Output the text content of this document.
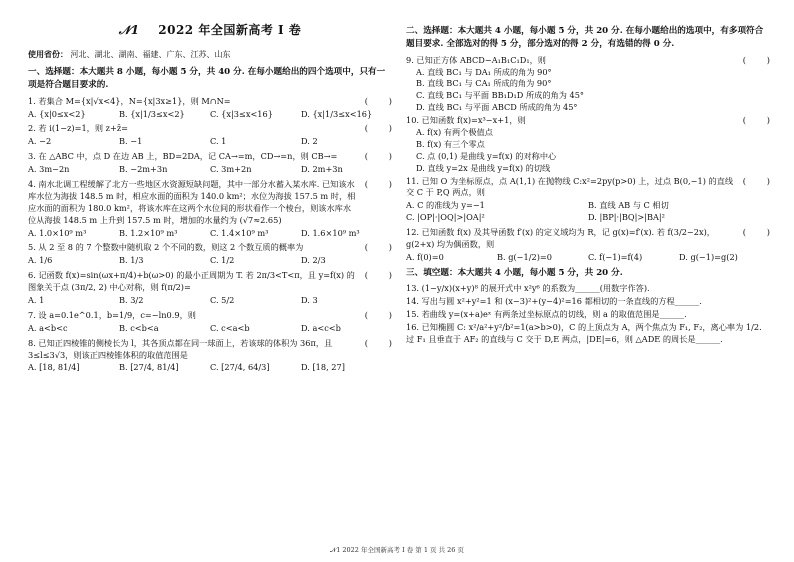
𝒩1 2022 年全国新高考 I 卷
使用省份： 河北、湖北、湖南、福建、广东、江苏、山东
一、选择题：本大题共 8 小题，每小题 5 分，共 40 分. 在每小题给出的四个选项中，只有一项是符合题目要求的.
1. 若集合 M={x|√x<4}，N={x|3x≥1}，则 M∩N=	(        )
A. {x|0≤x<2}	B. {x|1/3≤x<2}	C. {x|3≤x<16}	D. {x|1/3≤x<16}
2. 若 i(1−z)=1，则 z+z̄=	(        )
A. −2	B. −1	C. 1	D. 2
3. 在 △ABC 中，点 D 在边 AB 上，BD=2DA，记 CA→=m，CD→=n，则 CB→=	(        )
A. 3m−2n	B. −2m+3n	C. 3m+2n	D. 2m+3n
4. 南水北调工程缓解了北方一些地区水资源短缺问题，其中一部分水蓄入某水库. 已知该水库水位为海拔 148.5 m 时，相应水面的面积为 140.0 km²；水位为海拔 157.5 m 时，相应水面的面积为 180.0 km²，将该水库在这两个水位间的形状看作一个棱台，则该水库水位从海拔 148.5 m 上升到 157.5 m 时，增加的水量约为 (√7≈2.65)
(        )
A. 1.0×10⁹ m³	B. 1.2×10⁹ m³	C. 1.4×10⁹ m³	D. 1.6×10⁹ m³
5. 从 2 至 8 的 7 个整数中随机取 2 个不同的数，则这 2 个数互质的概率为	(        )
A. 1/6	B. 1/3	C. 1/2	D. 2/3
6. 记函数 f(x)=sin(ωx+π/4)+b(ω>0) 的最小正周期为 T. 若 2π/3<T<π，且 y=f(x) 的图象关于点 (3π/2, 2) 中心对称，则 f(π/2)=
(        )
A. 1	B. 3/2	C. 5/2	D. 3
7. 设 a=0.1e^0.1，b=1/9，c=−ln0.9，则	(        )
A. a<b<c	B. c<b<a	C. c<a<b	D. a<c<b
8. 已知正四棱锥的侧棱长为 l，其各顶点都在同一球面上，若该球的体积为 36π，且 3≤l≤3√3，则该正四棱锥体积的取值范围是
(        )
A. [18, 81/4]	B. [27/4, 81/4]	C. [27/4, 64/3]	D. [18, 27]
二、选择题：本大题共 4 小题，每小题 5 分，共 20 分. 在每小题给出的选项中，有多项符合题目要求. 全部选对的得 5 分，部分选对的得 2 分，有选错的得 0 分.
9. 已知正方体 ABCD−A₁B₁C₁D₁，则	(        )
A. 直线 BC₁ 与 DA₁ 所成的角为 90°
B. 直线 BC₁ 与 CA₁ 所成的角为 90°
C. 直线 BC₁ 与平面 BB₁D₁D 所成的角为 45°
D. 直线 BC₁ 与平面 ABCD 所成的角为 45°
10. 已知函数 f(x)=x³−x+1，则	(        )
A. f(x) 有两个极值点
B. f(x) 有三个零点
C. 点 (0,1) 是曲线 y=f(x) 的对称中心
D. 直线 y=2x 是曲线 y=f(x) 的切线
11. 已知 O 为坐标原点，点 A(1,1) 在抛物线 C:x²=2py(p>0) 上，过点 B(0,−1) 的直线交 C 于 P,Q 两点，则
(        )
A. C 的准线为 y=−1	B. 直线 AB 与 C 相切
C. |OP|·|OQ|>|OA|²	D. |BP|·|BQ|>|BA|²
12. 已知函数 f(x) 及其导函数 f′(x) 的定义域均为 R，记 g(x)=f′(x). 若 f(3/2−2x)，g(2+x) 均为偶函数，则
(        )
A. f(0)=0	B. g(−1/2)=0	C. f(−1)=f(4)	D. g(−1)=g(2)
三、填空题：本大题共 4 小题，每小题 5 分，共 20 分.
13. (1−y/x)(x+y)⁸ 的展开式中 x²y⁶ 的系数为______(用数字作答).
14. 写出与圆 x²+y²=1 和 (x−3)²+(y−4)²=16 都相切的一条直线的方程______.
15. 若曲线 y=(x+a)eˣ 有两条过坐标原点的切线，则 a 的取值范围是______.
16. 已知椭圆 C: x²/a²+y²/b²=1(a>b>0)，C 的上顶点为 A，两个焦点为 F₁, F₂，离心率为 1/2. 过 F₁ 且垂直于 AF₂ 的直线与 C 交于 D,E 两点，|DE|=6，则 △ADE 的周长是______.
𝒩1 2022 年全国新高考 I 卷 第 1 页 共 26 页
